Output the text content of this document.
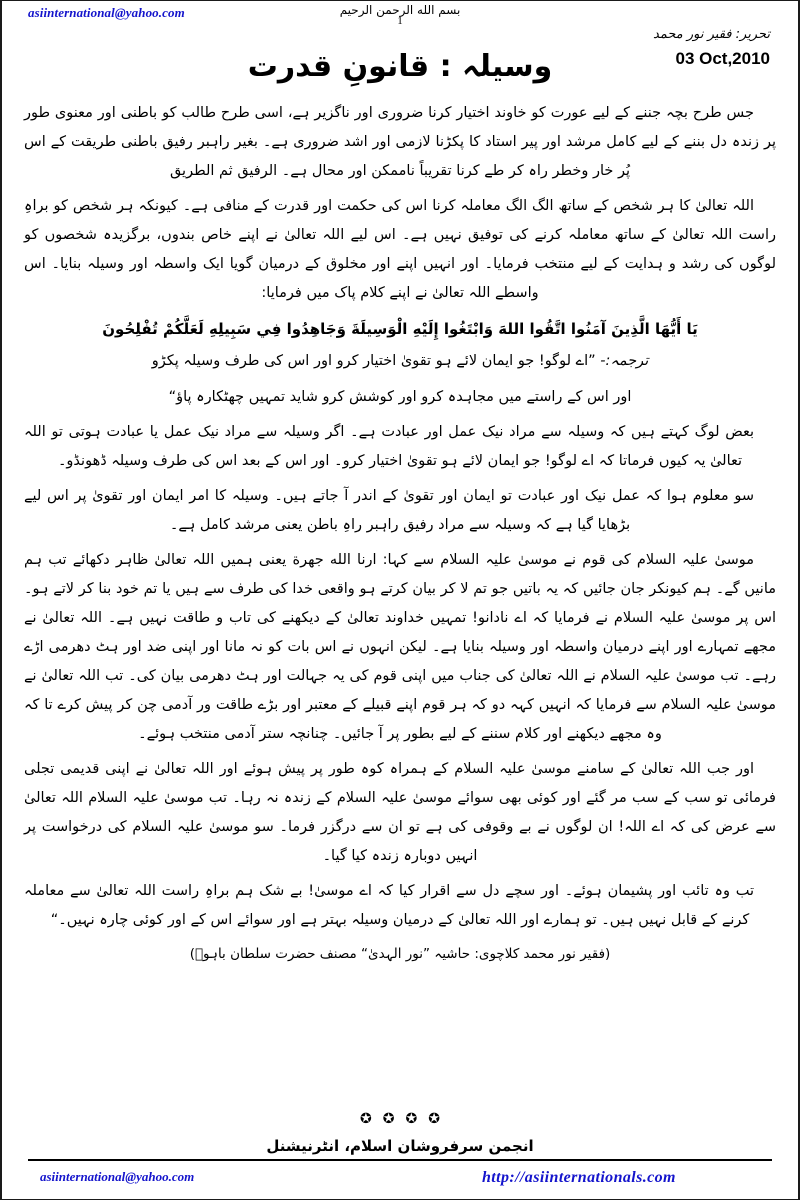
asiinternational@yahoo.com	بسم الله الرحمن الرحيم
1
تحریر: فقیر نور محمد
03 Oct,2010
وسیلہ : قانونِ قدرت

جس طرح بچہ جننے کے لیے عورت کو خاوند اختیار کرنا ضروری اور ناگزیر ہے، اسی طرح طالب کو باطنی اور معنوی طور پر زندہ دل بننے کے لیے کامل مرشد اور پیر استاد کا پکڑنا لازمی اور اشد ضروری ہے۔ بغیر راہبر رفیق باطنی طریقت کے اس پُر خار وخطر راہ کر طے کرنا تقریباً ناممکن اور محال ہے۔ الرفیق ثم الطریق

اللہ تعالیٰ کا ہر شخص کے ساتھ الگ الگ معاملہ کرنا اس کی حکمت اور قدرت کے منافی ہے۔ کیونکہ ہر شخص کو براہِ راست اللہ تعالیٰ کے ساتھ معاملہ کرنے کی توفیق نہیں ہے۔ اس لیے اللہ تعالیٰ نے اپنے خاص بندوں، برگزیدہ شخصوں کو لوگوں کی رشد و ہدایت کے لیے منتخب فرمایا۔ اور انہیں اپنے اور مخلوق کے درمیان گویا ایک واسطہ اور وسیلہ بنایا۔ اس واسطے اللہ تعالیٰ نے اپنے کلام پاک میں فرمایا:

يَا أَيُّهَا الَّذِينَ آمَنُوا اتَّقُوا اللهَ وَابْتَغُوا إِلَيْهِ الْوَسِيلَةَ وَجَاهِدُوا فِي سَبِيلِهِ لَعَلَّكُمْ تُفْلِحُونَ

ترجمہ:- ”اے لوگو! جو ایمان لائے ہو تقویٰ اختیار کرو اور اس کی طرف وسیلہ پکڑو

اور اس کے راستے میں مجاہدہ کرو اور کوشش کرو شاید تمہیں چھٹکارہ پاؤ“

بعض لوگ کہتے ہیں کہ وسیلہ سے مراد نیک عمل اور عبادت ہے۔ اگر وسیلہ سے مراد نیک عمل یا عبادت ہوتی تو اللہ تعالیٰ یہ کیوں فرماتا کہ اے لوگو! جو ایمان لائے ہو تقویٰ اختیار کرو۔ اور اس کے بعد اس کی طرف وسیلہ ڈھونڈو۔

سو معلوم ہوا کہ عمل نیک اور عبادت تو ایمان اور تقویٰ کے اندر آ جاتے ہیں۔ وسیلہ کا امر ایمان اور تقویٰ پر اس لیے بڑھایا گیا ہے کہ وسیلہ سے مراد رفیق راہبر راہِ باطن یعنی مرشد کامل ہے۔

موسیٰ علیہ السلام کی قوم نے موسیٰ علیہ السلام سے کہا: ارنا الله جهرة یعنی ہمیں اللہ تعالیٰ ظاہر دکھائے تب ہم مانیں گے۔ ہم کیونکر جان جائیں کہ یہ باتیں جو تم لا کر بیان کرتے ہو واقعی خدا کی طرف سے ہیں یا تم خود بنا کر لاتے ہو۔ اس پر موسیٰ علیہ السلام نے فرمایا کہ اے نادانو! تمہیں خداوند تعالیٰ کے دیکھنے کی تاب و طاقت نہیں ہے۔ اللہ تعالیٰ نے مجھے تمہارے اور اپنے درمیان واسطہ اور وسیلہ بنایا ہے۔ لیکن انہوں نے اس بات کو نہ مانا اور اپنی ضد اور ہٹ دھرمی اڑے رہے۔ تب موسیٰ علیہ السلام نے اللہ تعالیٰ کی جناب میں اپنی قوم کی یہ جہالت اور ہٹ دھرمی بیان کی۔ تب اللہ تعالیٰ نے موسیٰ علیہ السلام سے فرمایا کہ انہیں کہہ دو کہ ہر قوم اپنے قبیلے کے معتبر اور بڑے طاقت ور آدمی چن کر پیش کرے تا کہ وہ مجھے دیکھنے اور کلام سننے کے لیے بطور پر آ جائیں۔ چنانچہ ستر آدمی منتخب ہوئے۔

اور جب اللہ تعالیٰ کے سامنے موسیٰ علیہ السلام کے ہمراہ کوہ طور پر پیش ہوئے اور اللہ تعالیٰ نے اپنی قدیمی تجلی فرمائی تو سب کے سب مر گئے اور کوئی بھی سوائے موسیٰ علیہ السلام کے زندہ نہ رہا۔ تب موسیٰ علیہ السلام اللہ تعالیٰ سے عرض کی کہ اے اللہ! ان لوگوں نے بے وقوفی کی ہے تو ان سے درگزر فرما۔ سو موسیٰ علیہ السلام کی درخواست پر انہیں دوبارہ زندہ کیا گیا۔

تب وہ تائب اور پشیمان ہوئے۔ اور سچے دل سے اقرار کیا کہ اے موسیٰ! بے شک ہم براہِ راست اللہ تعالیٰ سے معاملہ کرنے کے قابل نہیں ہیں۔ تو ہمارے اور اللہ تعالیٰ کے درمیان وسیلہ بہتر ہے اور سوائے اس کے اور کوئی چارہ نہیں۔“

(فقیر نور محمد کلاچوی: حاشیہ ”نور الہدیٰ“ مصنف حضرت سلطان باہوؒ)

✪✪✪✪
انجمن سرفروشان اسلام، انٹرنیشنل
asiinternational@yahoo.com	http://asiinternationals.com
